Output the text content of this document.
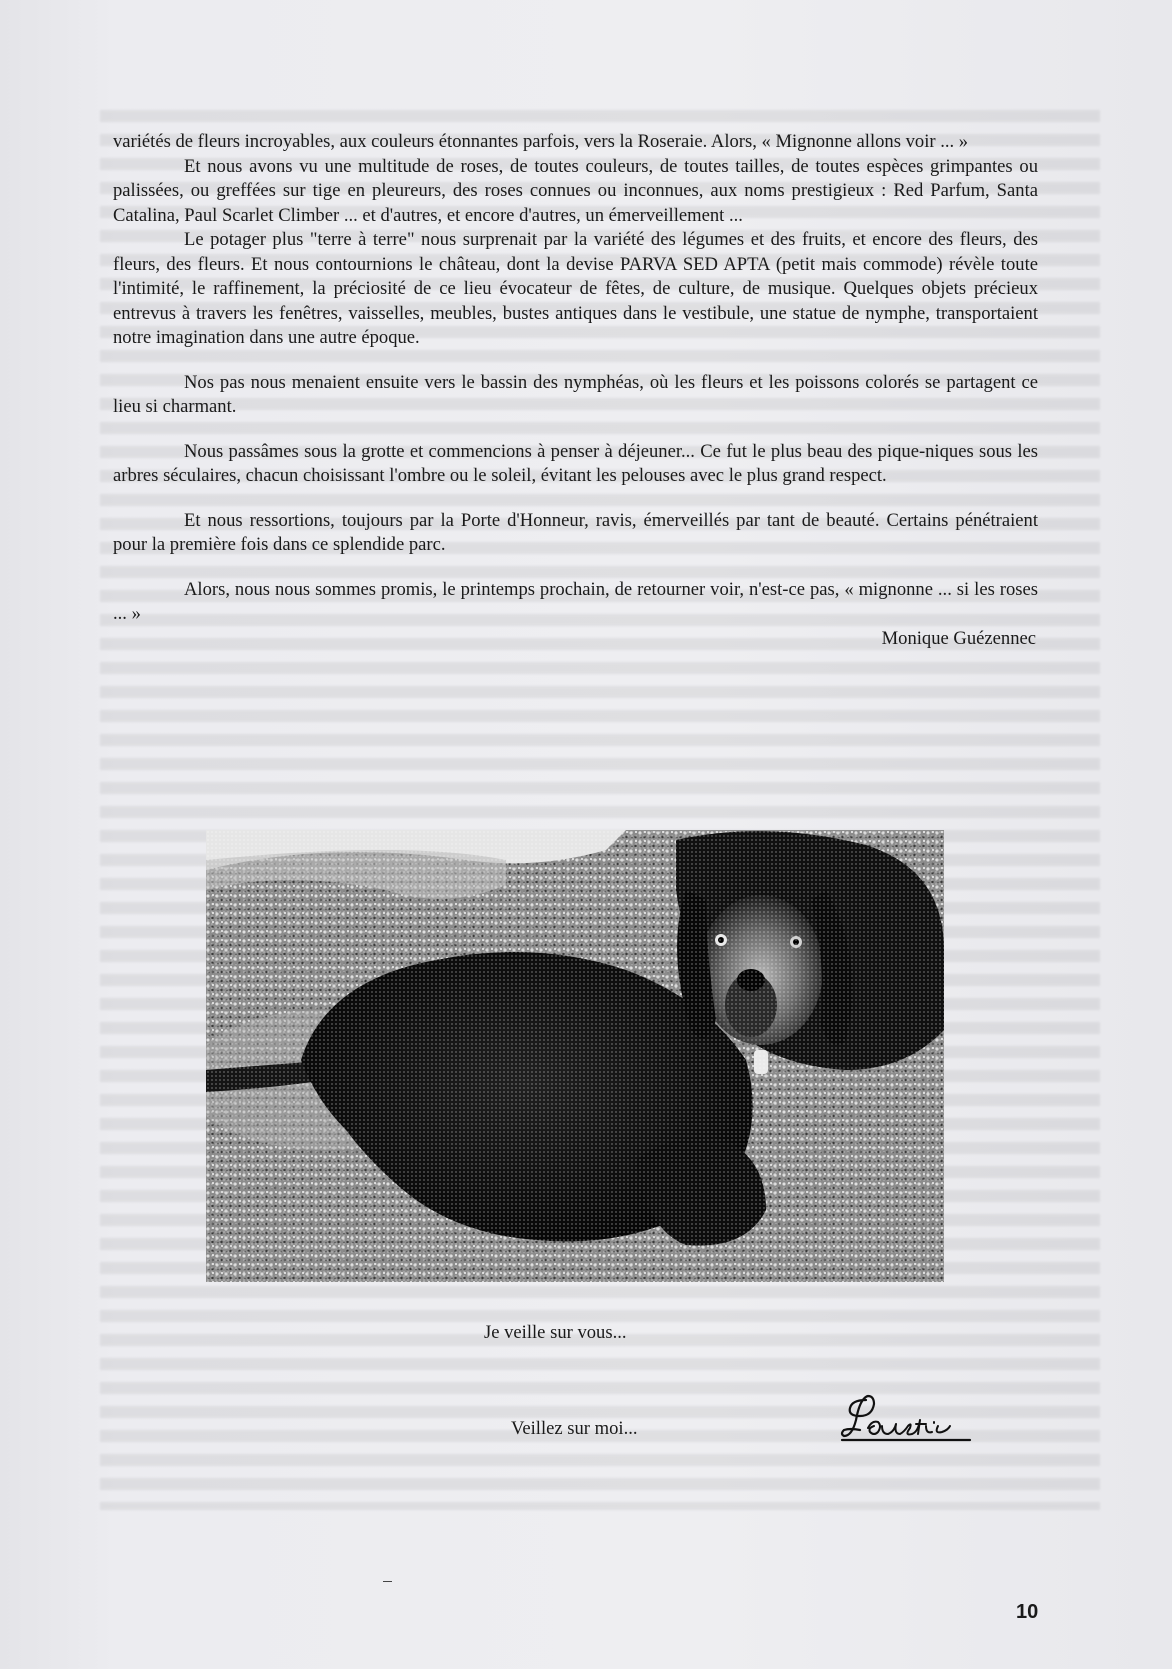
variétés de fleurs incroyables, aux couleurs étonnantes parfois, vers la Roseraie. Alors, « Mignonne allons voir ... »

Et nous avons vu une multitude de roses, de toutes couleurs, de toutes tailles, de toutes espèces grimpantes ou palissées, ou greffées sur tige en pleureurs, des roses connues ou inconnues, aux noms prestigieux : Red Parfum, Santa Catalina, Paul Scarlet Climber ... et d'autres, et encore d'autres, un émerveillement ...

Le potager plus "terre à terre" nous surprenait par la variété des légumes et des fruits, et encore des fleurs, des fleurs, des fleurs. Et nous contournions le château, dont la devise PARVA SED APTA (petit mais commode) révèle toute l'intimité, le raffinement, la préciosité de ce lieu évocateur de fêtes, de culture, de musique. Quelques objets précieux entrevus à travers les fenêtres, vaisselles, meubles, bustes antiques dans le vestibule, une statue de nymphe, transportaient notre imagination dans une autre époque.

Nos pas nous menaient ensuite vers le bassin des nymphéas, où les fleurs et les poissons colorés se partagent ce lieu si charmant.

Nous passâmes sous la grotte et commencions à penser à déjeuner... Ce fut le plus beau des pique-niques sous les arbres séculaires, chacun choisissant l'ombre ou le soleil, évitant les pelouses avec le plus grand respect.

Et nous ressortions, toujours par la Porte d'Honneur, ravis, émerveillés par tant de beauté. Certains pénétraient pour la première fois dans ce splendide parc.

Alors, nous nous sommes promis, le printemps prochain, de retourner voir, n'est-ce pas, « mignonne ... si les roses ... »

Monique Guézennec

Je veille sur vous...
Veillez sur moi...
10
